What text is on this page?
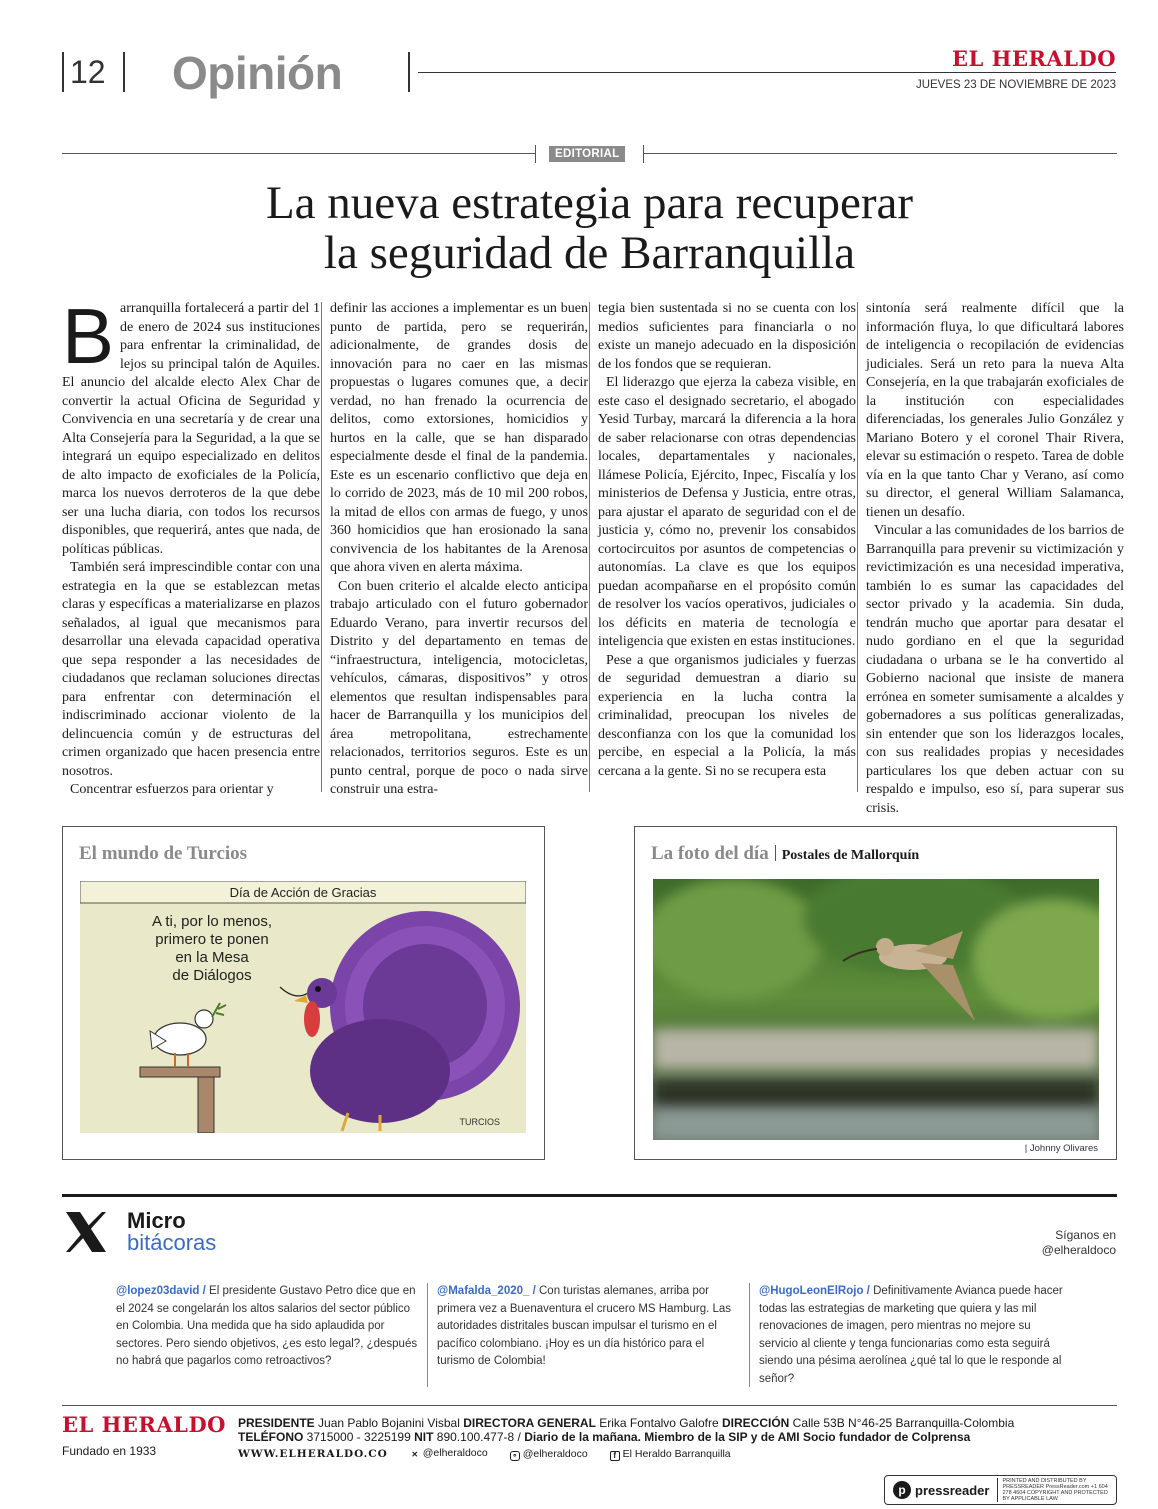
12 Opinión	EL HERALDO
JUEVES 23 DE NOVIEMBRE DE 2023
EDITORIAL
La nueva estrategia para recuperar
la seguridad de Barranquilla

Barranquilla fortalecerá a partir del 1 de enero de 2024 sus instituciones para enfrentar la criminalidad, de lejos su principal talón de Aquiles. El anuncio del alcalde electo Alex Char de convertir la actual Oficina de Seguridad y Convivencia en una secretaría y de crear una Alta Consejería para la Seguridad, a la que se integrará un equipo especializado en delitos de alto impacto de exoficiales de la Policía, marca los nuevos derroteros de la que debe ser una lucha diaria, con todos los recursos disponibles, que requerirá, antes que nada, de políticas públicas.

También será imprescindible contar con una estrategia en la que se establezcan metas claras y específicas a materializarse en plazos señalados, al igual que mecanismos para desarrollar una elevada capacidad operativa que sepa responder a las necesidades de ciudadanos que reclaman soluciones directas para enfrentar con determinación el indiscriminado accionar violento de la delincuencia común y de estructuras del crimen organizado que hacen presencia entre nosotros.

Concentrar esfuerzos para orientar y

definir las acciones a implementar es un buen punto de partida, pero se requerirán, adicionalmente, de grandes dosis de innovación para no caer en las mismas propuestas o lugares comunes que, a decir verdad, no han frenado la ocurrencia de delitos, como extorsiones, homicidios y hurtos en la calle, que se han disparado especialmente desde el final de la pandemia. Este es un escenario conflictivo que deja en lo corrido de 2023, más de 10 mil 200 robos, la mitad de ellos con armas de fuego, y unos 360 homicidios que han erosionado la sana convivencia de los habitantes de la Arenosa que ahora viven en alerta máxima.

Con buen criterio el alcalde electo anticipa trabajo articulado con el futuro gobernador Eduardo Verano, para invertir recursos del Distrito y del departamento en temas de “infraestructura, inteligencia, motocicletas, vehículos, cámaras, dispositivos” y otros elementos que resultan indispensables para hacer de Barranquilla y los municipios del área metropolitana, estrechamente relacionados, territorios seguros. Este es un punto central, porque de poco o nada sirve construir una estra-

tegia bien sustentada si no se cuenta con los medios suficientes para financiarla o no existe un manejo adecuado en la disposición de los fondos que se requieran.

El liderazgo que ejerza la cabeza visible, en este caso el designado secretario, el abogado Yesid Turbay, marcará la diferencia a la hora de saber relacionarse con otras dependencias locales, departamentales y nacionales, llámese Policía, Ejército, Inpec, Fiscalía y los ministerios de Defensa y Justicia, entre otras, para ajustar el aparato de seguridad con el de justicia y, cómo no, prevenir los consabidos cortocircuitos por asuntos de competencias o autonomías. La clave es que los equipos puedan acompañarse en el propósito común de resolver los vacíos operativos, judiciales o los déficits en materia de tecnología e inteligencia que existen en estas instituciones.

Pese a que organismos judiciales y fuerzas de seguridad demuestran a diario su experiencia en la lucha contra la criminalidad, preocupan los niveles de desconfianza con los que la comunidad los percibe, en especial a la Policía, la más cercana a la gente. Si no se recupera esta

sintonía será realmente difícil que la información fluya, lo que dificultará labores de inteligencia o recopilación de evidencias judiciales. Será un reto para la nueva Alta Consejería, en la que trabajarán exoficiales de la institución con especialidades diferenciadas, los generales Julio González y Mariano Botero y el coronel Thair Rivera, elevar su estimación o respeto. Tarea de doble vía en la que tanto Char y Verano, así como su director, el general William Salamanca, tienen un desafío.

Vincular a las comunidades de los barrios de Barranquilla para prevenir su victimización y revictimización es una necesidad imperativa, también lo es sumar las capacidades del sector privado y la academia. Sin duda, tendrán mucho que aportar para desatar el nudo gordiano en el que la seguridad ciudadana o urbana se le ha convertido al Gobierno nacional que insiste de manera errónea en someter sumisamente a alcaldes y gobernadores a sus políticas generalizadas, sin entender que son los liderazgos locales, con sus realidades propias y necesidades particulares los que deben actuar con su respaldo e impulso, eso sí, para superar sus crisis.

El mundo de Turcios
Día de Acción de Gracias
A ti, por lo menos,
primero te ponen
en la Mesa
de Diálogos
TURCIOS
La foto del día Postales de Mallorquín
| Johnny Olivares
Micro
bitácoras	Síganos en
@elheraldoco
@lopez03david / El presidente Gustavo Petro dice que en el 2024 se congelarán los altos salarios del sector público en Colombia. Una medida que ha sido aplaudida por sectores. Pero siendo objetivos, ¿es esto legal?, ¿después no habrá que pagarlos como retroactivos?
@Mafalda_2020_ / Con turistas alemanes, arriba por primera vez a Buenaventura el crucero MS Hamburg. Las autoridades distritales buscan impulsar el turismo en el pacífico colombiano. ¡Hoy es un día histórico para el turismo de Colombia!
@HugoLeonElRojo / Definitivamente Avianca puede hacer todas las estrategias de marketing que quiera y las mil renovaciones de imagen, pero mientras no mejore su servicio al cliente y tenga funcionarias como esta seguirá siendo una pésima aerolínea ¿qué tal lo que le responde al señor?
EL HERALDO
Fundado en 1933
PRESIDENTE Juan Pablo Bojanini Visbal DIRECTORA GENERAL Erika Fontalvo Galofre DIRECCIÓN Calle 53B N°46-25 Barranquilla-Colombia
TELÉFONO 3715000 - 3225199 NIT 890.100.477-8 / Diario de la mañana. Miembro de la SIP y de AMI Socio fundador de Colprensa
WWW.ELHERALDO.CO	✕ @elheraldoco	∘ @elheraldoco	f El Heraldo Barranquilla
p pressreader
PRINTED AND DISTRIBUTED BY PRESSREADER PressReader.com +1 604 278 4604 COPYRIGHT AND PROTECTED BY APPLICABLE LAW
